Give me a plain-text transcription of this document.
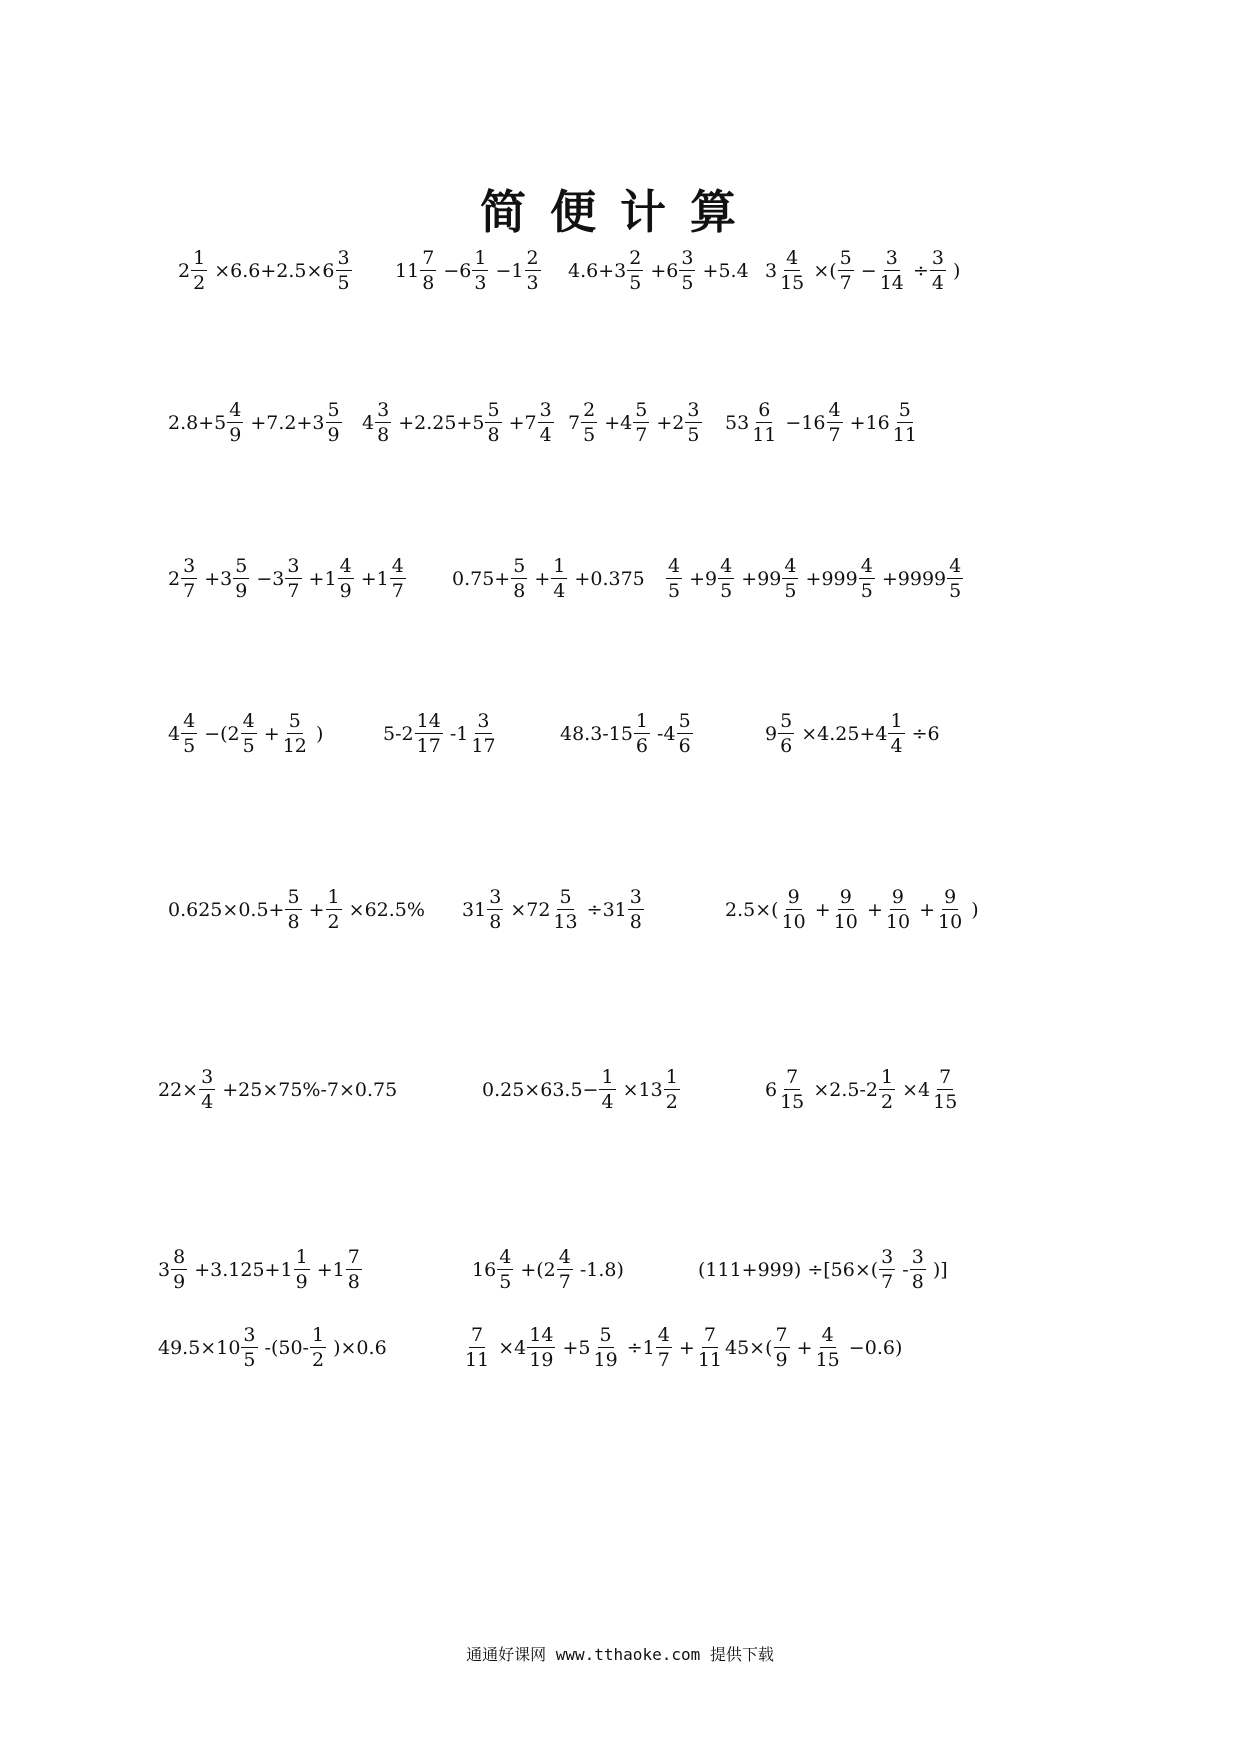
简便计算
$2 \frac{1}{2} \times 6.6+2.5\times 6 \frac{3}{5} 11 \frac{7}{8} -6 \frac{1}{3} -1 \frac{2}{3} 4.6+3 \frac{2}{5} +6 \frac{3}{5} +5.4$ $3 \frac{4}{15}$ ×( $\frac{5}{7} - \frac{3}{14} \div \frac{3}{4}$ )
$2.8+5 \frac{4}{9} +7.2+3 \frac{5}{9} 4 \frac{3}{8} +2.25+5 \frac{5}{8} +7 \frac{3}{4} 7 \frac{2}{5} +4 \frac{5}{7} +2 \frac{3}{5} 53 \frac{6}{11} -16 \frac{4}{7} +16 \frac{5}{11}$
$2 \frac{3}{7} +3 \frac{5}{9} -3 \frac{3}{7} +1 \frac{4}{9} +1 \frac{4}{7} 0.75+ \frac{5}{8} + \frac{1}{4} +0.375 \frac{4}{5} +9 \frac{4}{5} +99 \frac{4}{5} +999 \frac{4}{5} +9999 \frac{4}{5}$
$4 \frac{4}{5} -(2 \frac{4}{5} + \frac{5}{12}$ )	$5-2 \frac{14}{17} -1 \frac{3}{17}$	$48.3-15 \frac{1}{6} -4 \frac{5}{6}$	$9 \frac{5}{6} \times 4.25+4 \frac{1}{4} \div 6$
$0.625\times 0.5+ \frac{5}{8} + \frac{1}{2} \times 62.5\%$ $31 \frac{3}{8} \times 72 \frac{5}{13} \div 31 \frac{3}{8}$	$2.5\times( \frac{9}{10} + \frac{9}{10} + \frac{9}{10} + \frac{9}{10}$ )
$22\times \frac{3}{4} +25\times 75\%-7\times 0.75$	$0.25\times 63.5- \frac{1}{4} \times 13 \frac{1}{2}$	$6 \frac{7}{15} \times 2.5-2 \frac{1}{2} \times 4 \frac{7}{15}$
$3 \frac{8}{9} +3.125+1 \frac{1}{9} +1 \frac{7}{8}$	$16 \frac{4}{5} +(2 \frac{4}{7} -1.8)$	$(111+999) \div[56\times( \frac{3}{7} - \frac{3}{8}$ )]
$49.5\times 10 \frac{3}{5} -(50- \frac{1}{2} )\times 0.6$	$\frac{7}{11} \times 4 \frac{14}{19} +5 \frac{5}{19} \div 1 \frac{4}{7} + \frac{7}{11} 45\times( \frac{7}{9} + \frac{4}{15} -0.6)$
通通好课网 www.tthaoke.com 提供下载
